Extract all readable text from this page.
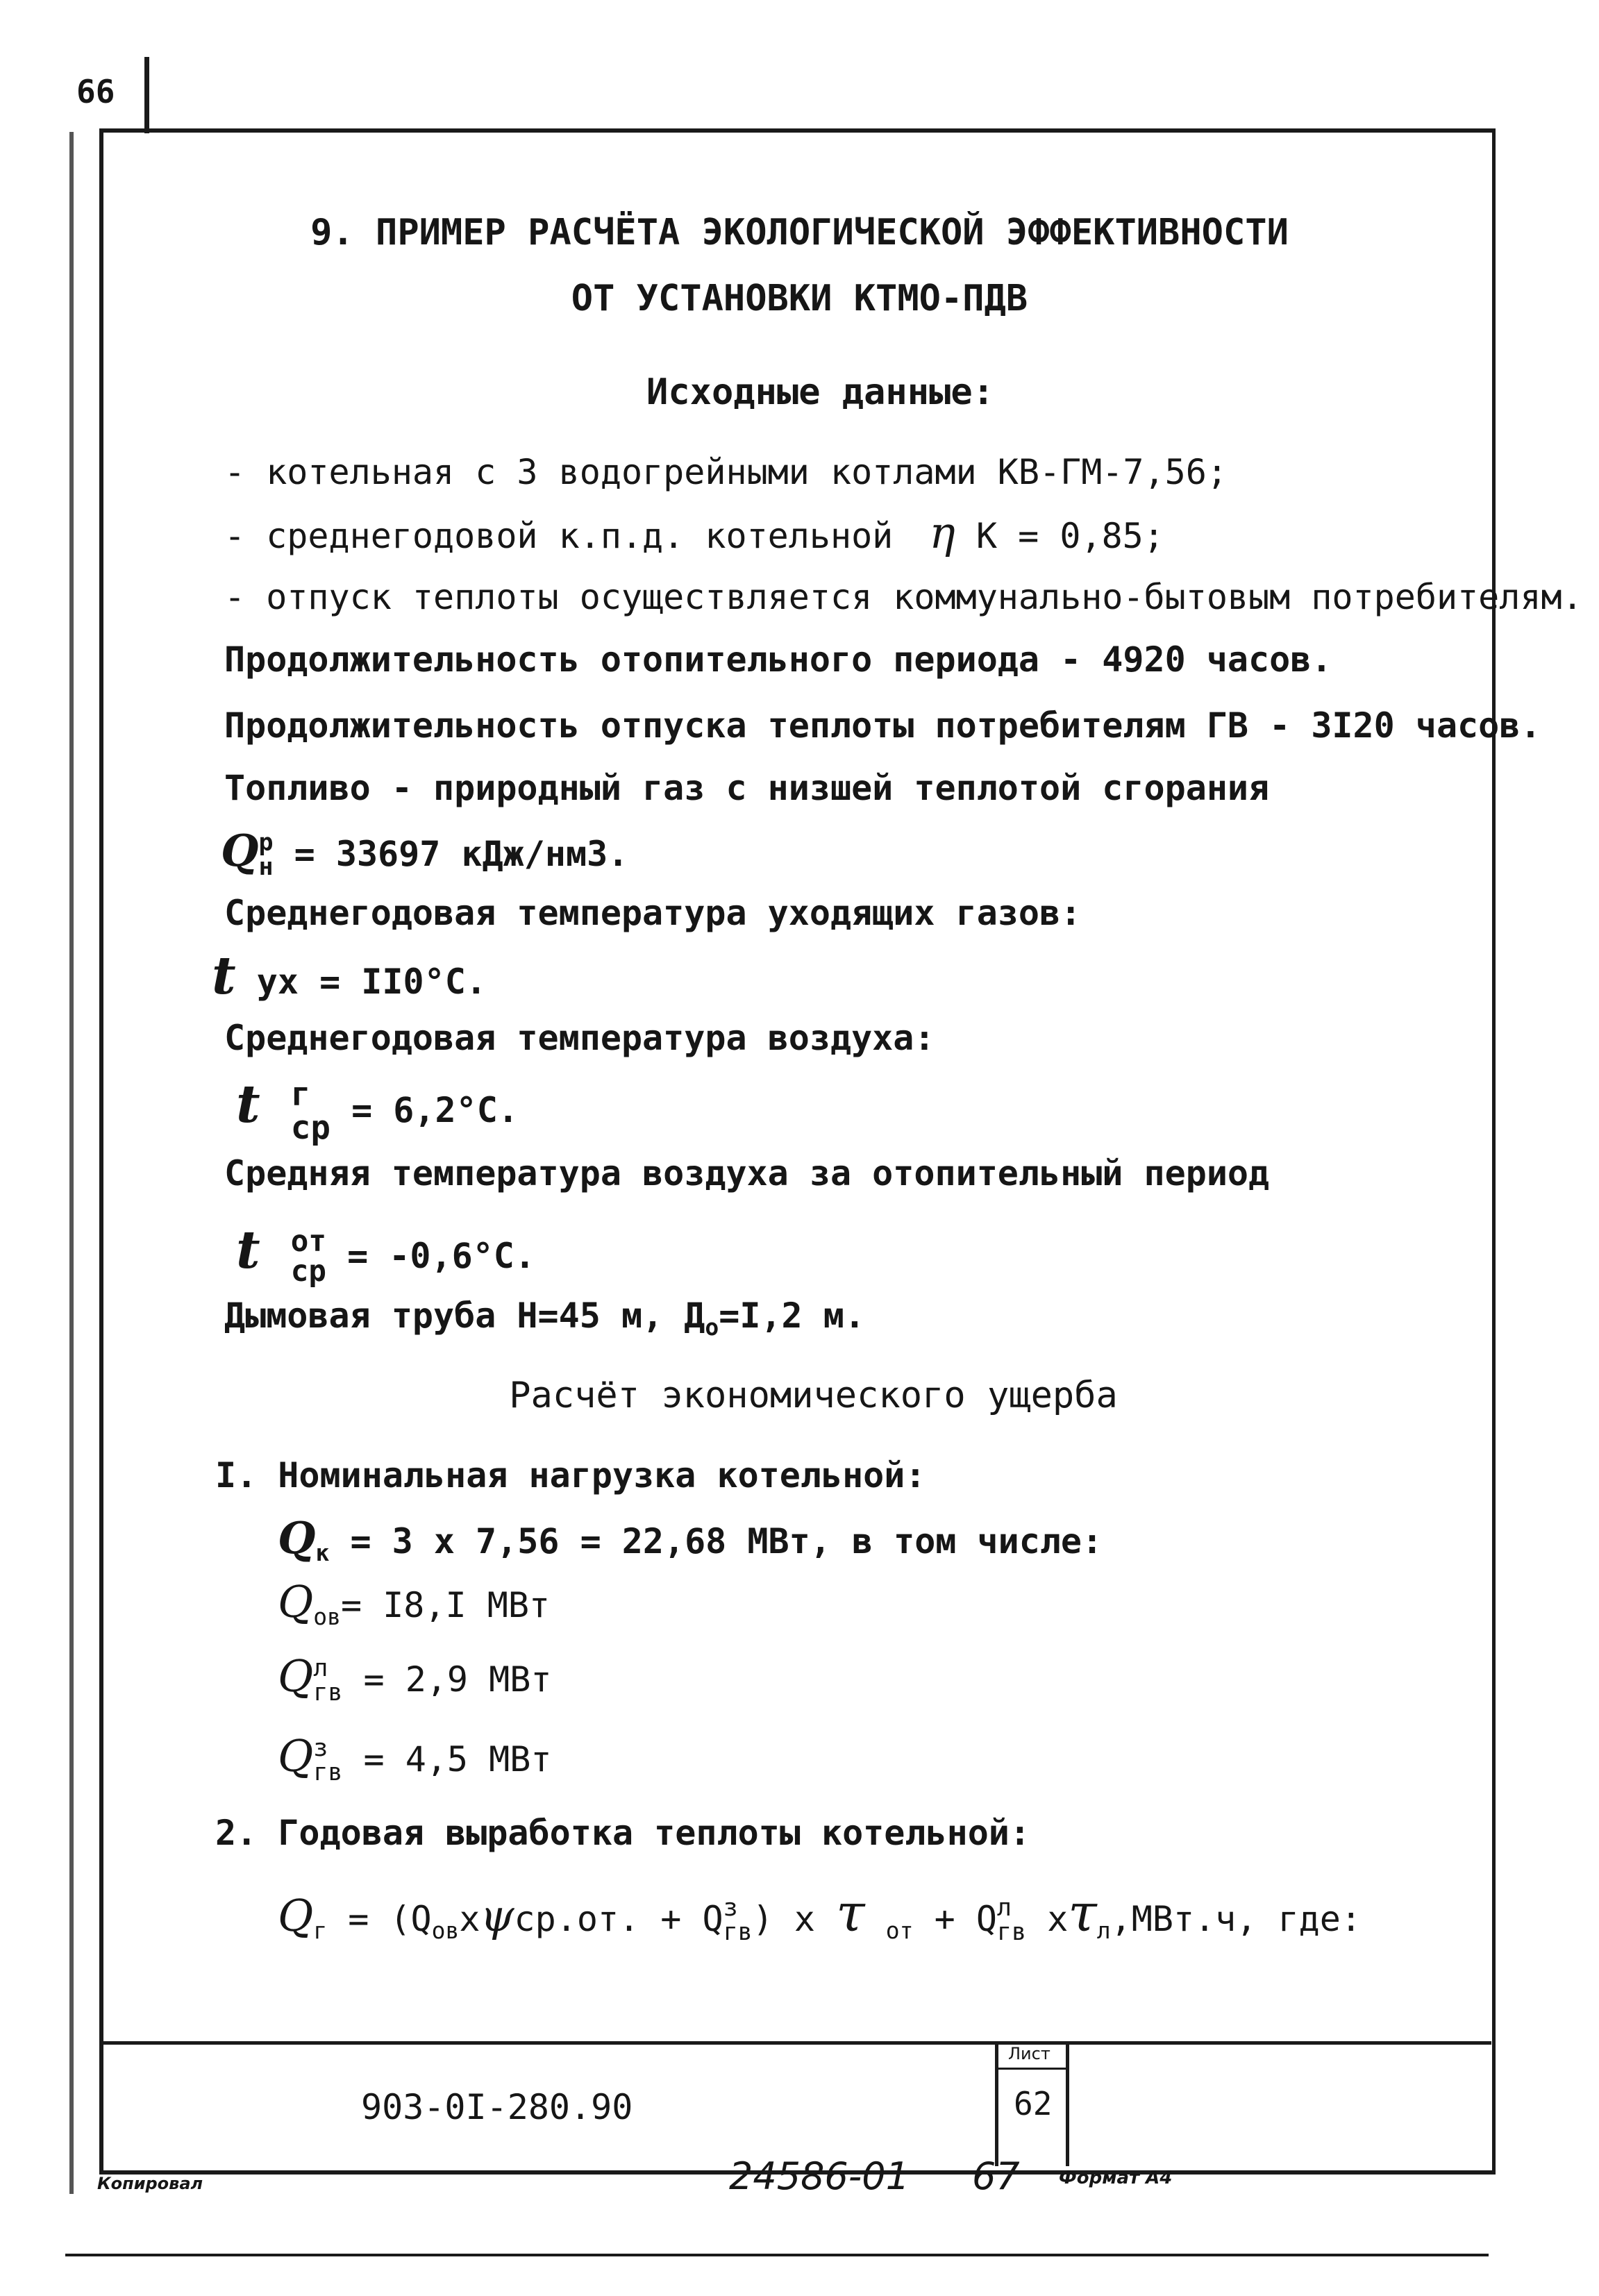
66
9. ПРИМЕР РАСЧЁТА ЭКОЛОГИЧЕСКОЙ ЭФФЕКТИВНОСТИ
ОТ УСТАНОВКИ КТМО-ПДВ
Исходные данные:
- котельная с 3 водогрейными котлами КВ-ГМ-7,56;
- среднегодовой к.п.д. котельной η К = 0,85;
- отпуск теплоты осуществляется коммунально-бытовым потребителям.
Продолжительность отопительного периода - 4920 часов.
Продолжительность отпуска теплоты потребителям ГВ - 3I20 часов.
Топливо - природный газ с низшей теплотой сгорания
Q р
н = 33697 кДж/нм3.
Среднегодовая температура уходящих газов:
t ух = II0°С.
Среднегодовая температура воздуха:
t г
ср = 6,2°С.
Средняя температура воздуха за отопительный период
t от
ср = -0,6°С.
Дымовая труба Н=45 м, $Д_о=I,2$ м.
Расчёт экономического ущерба
I. Номинальная нагрузка котельной:
$Q_к = 3$ х 7,56 = 22,68 МВт, в том числе:
$Q_{ов}= I8,I$ МВт
Q л
гв = 2,9 МВт
Q з
гв = 4,5 МВт
2. Годовая выработка теплоты котельной:
$Q_г = (Q_{ов}х\psi ср.от$. + Q з
гв ) х τ $_{от}$ + Q л
гв $х\tau_л,МВт.ч$, где:
903-0I-280.90
Лист
62
Копировал	24586-01 67 Формат А4
